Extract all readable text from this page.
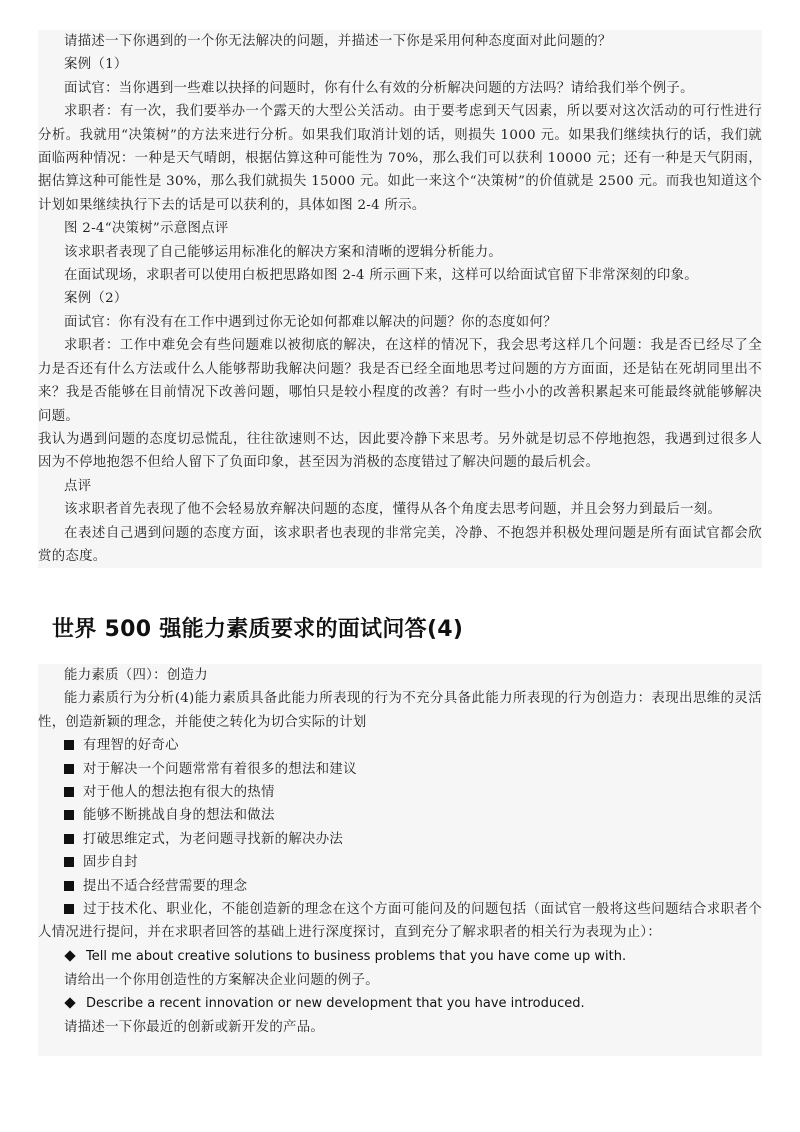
请描述一下你遇到的一个你无法解决的问题，并描述一下你是采用何种态度面对此问题的？

案例（1）

面试官：当你遇到一些难以抉择的问题时，你有什么有效的分析解决问题的方法吗？请给我们举个例子。

求职者：有一次，我们要举办一个露天的大型公关活动。由于要考虑到天气因素，所以要对这次活动的可行性进行分析。我就用“决策树”的方法来进行分析。如果我们取消计划的话，则损失 1000 元。如果我们继续执行的话，我们就面临两种情况：一种是天气晴朗，根据估算这种可能性为 70%，那么我们可以获利 10000 元；还有一种是天气阴雨，据估算这种可能性是 30%，那么我们就损失 15000 元。如此一来这个“决策树”的价值就是 2500 元。而我也知道这个计划如果继续执行下去的话是可以获利的，具体如图 2-4 所示。

图 2-4“决策树”示意图点评

该求职者表现了自己能够运用标准化的解决方案和清晰的逻辑分析能力。

在面试现场，求职者可以使用白板把思路如图 2-4 所示画下来，这样可以给面试官留下非常深刻的印象。

案例（2）

面试官：你有没有在工作中遇到过你无论如何都难以解决的问题？你的态度如何？

求职者：工作中难免会有些问题难以被彻底的解决，在这样的情况下，我会思考这样几个问题：我是否已经尽了全力是否还有什么方法或什么人能够帮助我解决问题？我是否已经全面地思考过问题的方方面面，还是钻在死胡同里出不来？我是否能够在目前情况下改善问题，哪怕只是较小程度的改善？有时一些小小的改善积累起来可能最终就能够解决问题。

我认为遇到问题的态度切忌慌乱，往往欲速则不达，因此要冷静下来思考。另外就是切忌不停地抱怨，我遇到过很多人因为不停地抱怨不但给人留下了负面印象，甚至因为消极的态度错过了解决问题的最后机会。

点评

该求职者首先表现了他不会轻易放弃解决问题的态度，懂得从各个角度去思考问题，并且会努力到最后一刻。

在表述自己遇到问题的态度方面，该求职者也表现的非常完美，冷静、不抱怨并积极处理问题是所有面试官都会欣赏的态度。

世界 500 强能力素质要求的面试问答(4)

能力素质（四）：创造力

能力素质行为分析(4)能力素质具备此能力所表现的行为不充分具备此能力所表现的行为创造力：表现出思维的灵活性，创造新颖的理念，并能使之转化为切合实际的计划

有理智的好奇心

对于解决一个问题常常有着很多的想法和建议

对于他人的想法抱有很大的热情

能够不断挑战自身的想法和做法

打破思维定式，为老问题寻找新的解决办法

固步自封

提出不适合经营需要的理念

过于技术化、职业化，不能创造新的理念在这个方面可能问及的问题包括（面试官一般将这些问题结合求职者个人情况进行提问，并在求职者回答的基础上进行深度探讨，直到充分了解求职者的相关行为表现为止）：

Tell me about creative solutions to business problems that you have come up with.

请给出一个你用创造性的方案解决企业问题的例子。

Describe a recent innovation or new development that you have introduced.

请描述一下你最近的创新或新开发的产品。
